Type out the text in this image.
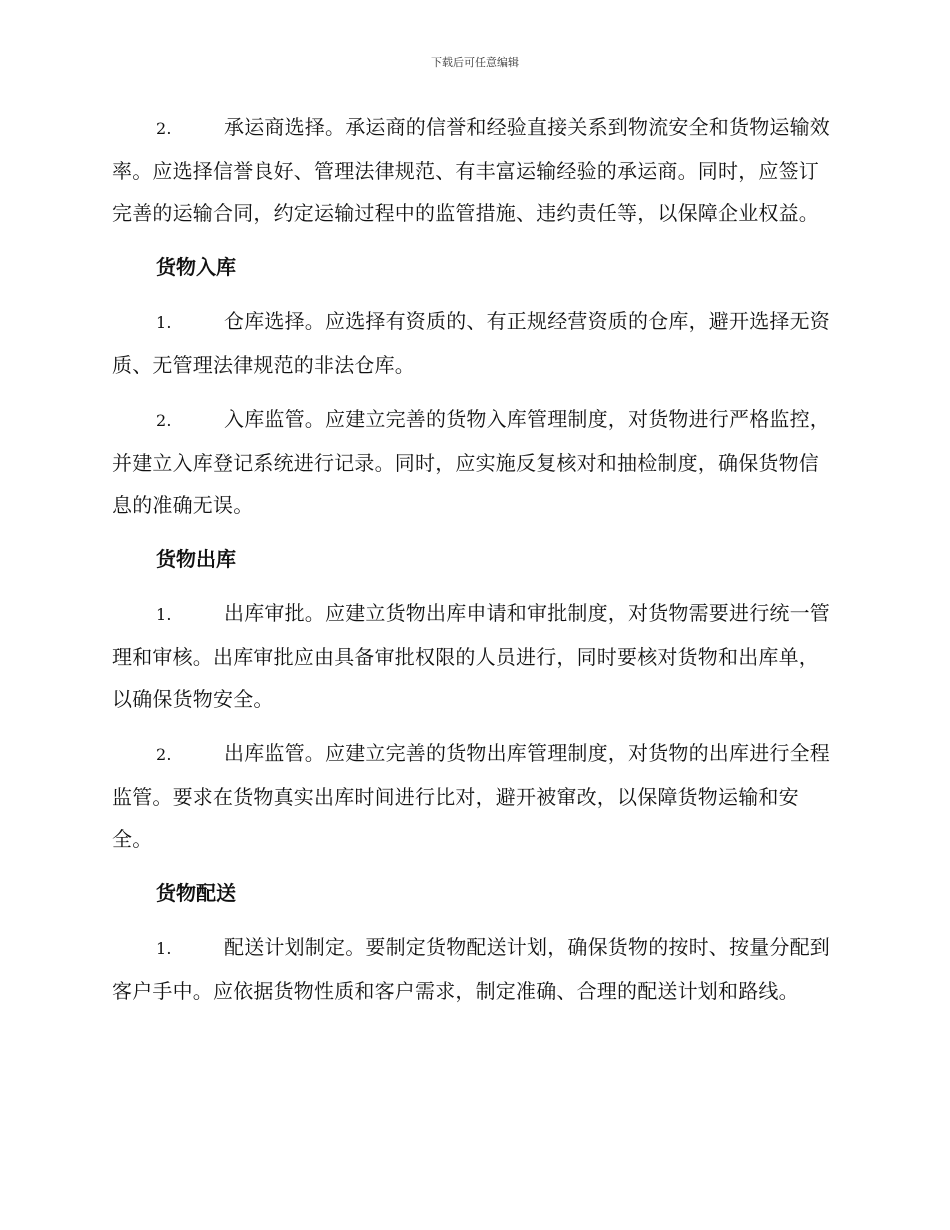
下载后可任意编辑

2.	承运商选择。承运商的信誉和经验直接关系到物流安全和货物运输效率。应选择信誉良好、管理法律规范、有丰富运输经验的承运商。同时，应签订完善的运输合同，约定运输过程中的监管措施、违约责任等，以保障企业权益。

货物入库

1.	仓库选择。应选择有资质的、有正规经营资质的仓库，避开选择无资质、无管理法律规范的非法仓库。

2.	入库监管。应建立完善的货物入库管理制度，对货物进行严格监控，并建立入库登记系统进行记录。同时，应实施反复核对和抽检制度，确保货物信息的准确无误。

货物出库

1.	出库审批。应建立货物出库申请和审批制度，对货物需要进行统一管理和审核。出库审批应由具备审批权限的人员进行，同时要核对货物和出库单，以确保货物安全。

2.	出库监管。应建立完善的货物出库管理制度，对货物的出库进行全程监管。要求在货物真实出库时间进行比对，避开被窜改，以保障货物运输和安全。

货物配送

1.	配送计划制定。要制定货物配送计划，确保货物的按时、按量分配到客户手中。应依据货物性质和客户需求，制定准确、合理的配送计划和路线。
